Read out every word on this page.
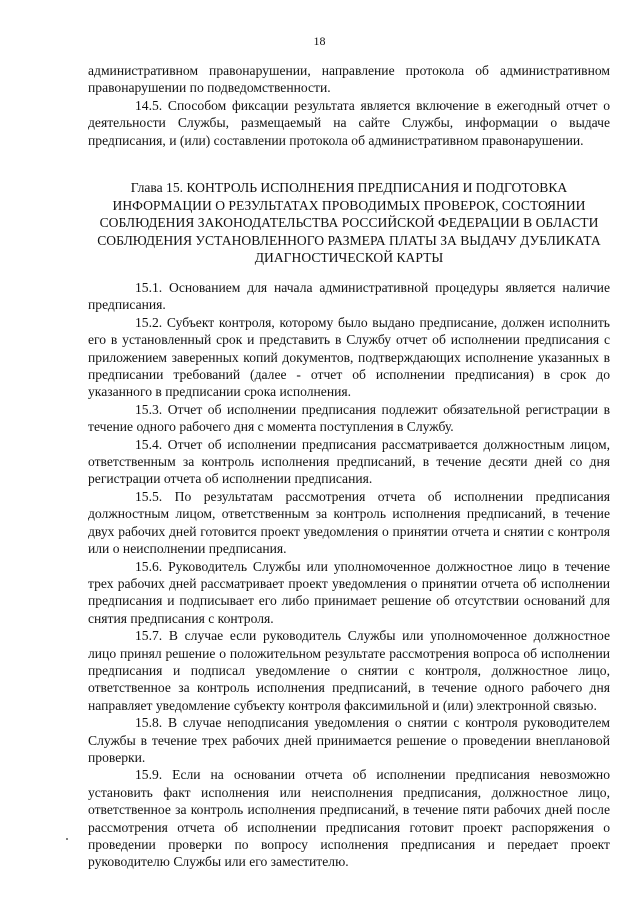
18

административном правонарушении, направление протокола об административном правонарушении по подведомственности.

14.5. Способом фиксации результата является включение в ежегодный отчет о деятельности Службы, размещаемый на сайте Службы, информации о выдаче предписания, и (или) составлении протокола об административном правонарушении.

Глава 15. КОНТРОЛЬ ИСПОЛНЕНИЯ ПРЕДПИСАНИЯ И ПОДГОТОВКА ИНФОРМАЦИИ О РЕЗУЛЬТАТАХ ПРОВОДИМЫХ ПРОВЕРОК, СОСТОЯНИИ СОБЛЮДЕНИЯ ЗАКОНОДАТЕЛЬСТВА РОССИЙСКОЙ ФЕДЕРАЦИИ В ОБЛАСТИ СОБЛЮДЕНИЯ УСТАНОВЛЕННОГО РАЗМЕРА ПЛАТЫ ЗА ВЫДАЧУ ДУБЛИКАТА ДИАГНОСТИЧЕСКОЙ КАРТЫ

15.1. Основанием для начала административной процедуры является наличие предписания.

15.2. Субъект контроля, которому было выдано предписание, должен исполнить его в установленный срок и представить в Службу отчет об исполнении предписания с приложением заверенных копий документов, подтверждающих исполнение указанных в предписании требований (далее - отчет об исполнении предписания) в срок до указанного в предписании срока исполнения.

15.3. Отчет об исполнении предписания подлежит обязательной регистрации в течение одного рабочего дня с момента поступления в Службу.

15.4. Отчет об исполнении предписания рассматривается должностным лицом, ответственным за контроль исполнения предписаний, в течение десяти дней со дня регистрации отчета об исполнении предписания.

15.5. По результатам рассмотрения отчета об исполнении предписания должностным лицом, ответственным за контроль исполнения предписаний, в течение двух рабочих дней готовится проект уведомления о принятии отчета и снятии с контроля или о неисполнении предписания.

15.6. Руководитель Службы или уполномоченное должностное лицо в течение трех рабочих дней рассматривает проект уведомления о принятии отчета об исполнении предписания и подписывает его либо принимает решение об отсутствии оснований для снятия предписания с контроля.

15.7. В случае если руководитель Службы или уполномоченное должностное лицо принял решение о положительном результате рассмотрения вопроса об исполнении предписания и подписал уведомление о снятии с контроля, должностное лицо, ответственное за контроль исполнения предписаний, в течение одного рабочего дня направляет уведомление субъекту контроля факсимильной и (или) электронной связью.

15.8. В случае неподписания уведомления о снятии с контроля руководителем Службы в течение трех рабочих дней принимается решение о проведении внеплановой проверки.

15.9. Если на основании отчета об исполнении предписания невозможно установить факт исполнения или неисполнения предписания, должностное лицо, ответственное за контроль исполнения предписаний, в течение пяти рабочих дней после рассмотрения отчета об исполнении предписания готовит проект распоряжения о проведении проверки по вопросу исполнения предписания и передает проект руководителю Службы или его заместителю.
